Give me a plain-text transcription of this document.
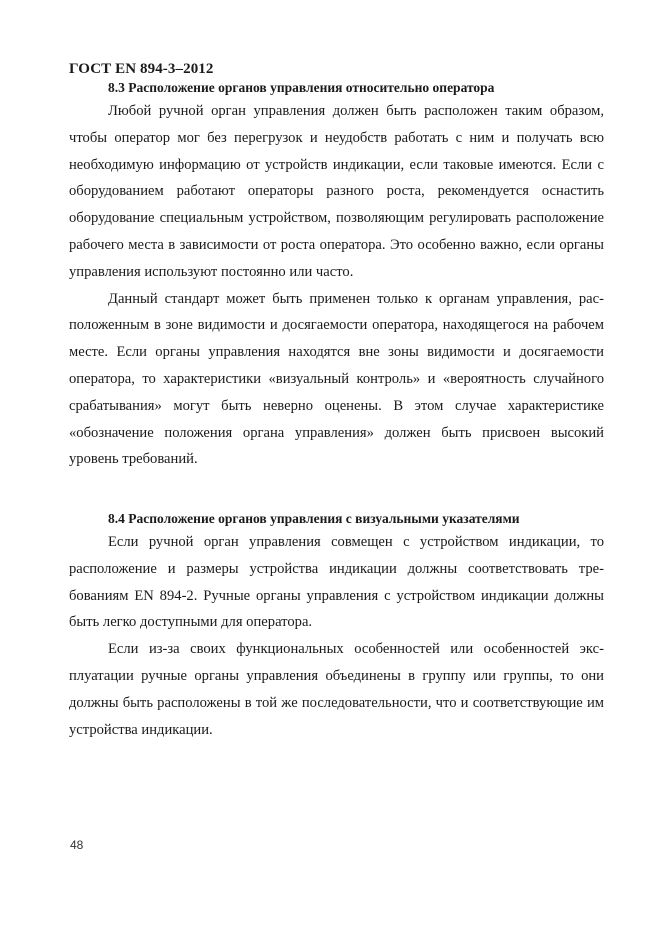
ГОСТ EN 894-3–2012
8.3 Расположение органов управления относительно оператора

Любой ручной орган управления должен быть расположен таким образом, чтобы оператор мог без перегрузок и неудобств работать с ним и получать всю необходимую информацию от устройств индикации, если таковые имеются. Если с оборудованием работают операторы разного роста, рекомендуется оснастить оборудование специальным устройством, позволяющим регулировать расположение рабочего места в зависимости от роста оператора. Это особенно важно, если органы управления используют постоянно или часто.

Данный стандарт может быть применен только к органам управления, расположенным в зоне видимости и досягаемости оператора, находящегося на рабочем месте. Если органы управления находятся вне зоны видимости и досягаемости оператора, то характеристики «визуальный контроль» и «вероятность случайного срабатывания» могут быть неверно оценены. В этом случае характеристике «обозначение положения органа управления» должен быть присвоен высокий уровень требований.

8.4 Расположение органов управления с визуальными указателями

Если ручной орган управления совмещен с устройством индикации, то расположение и размеры устройства индикации должны соответствовать требованиям EN 894-2. Ручные органы управления с устройством индикации должны быть легко доступными для оператора.

Если из-за своих функциональных особенностей или особенностей эксплуатации ручные органы управления объединены в группу или группы, то они должны быть расположены в той же последовательности, что и соответствующие им устройства индикации.

48
